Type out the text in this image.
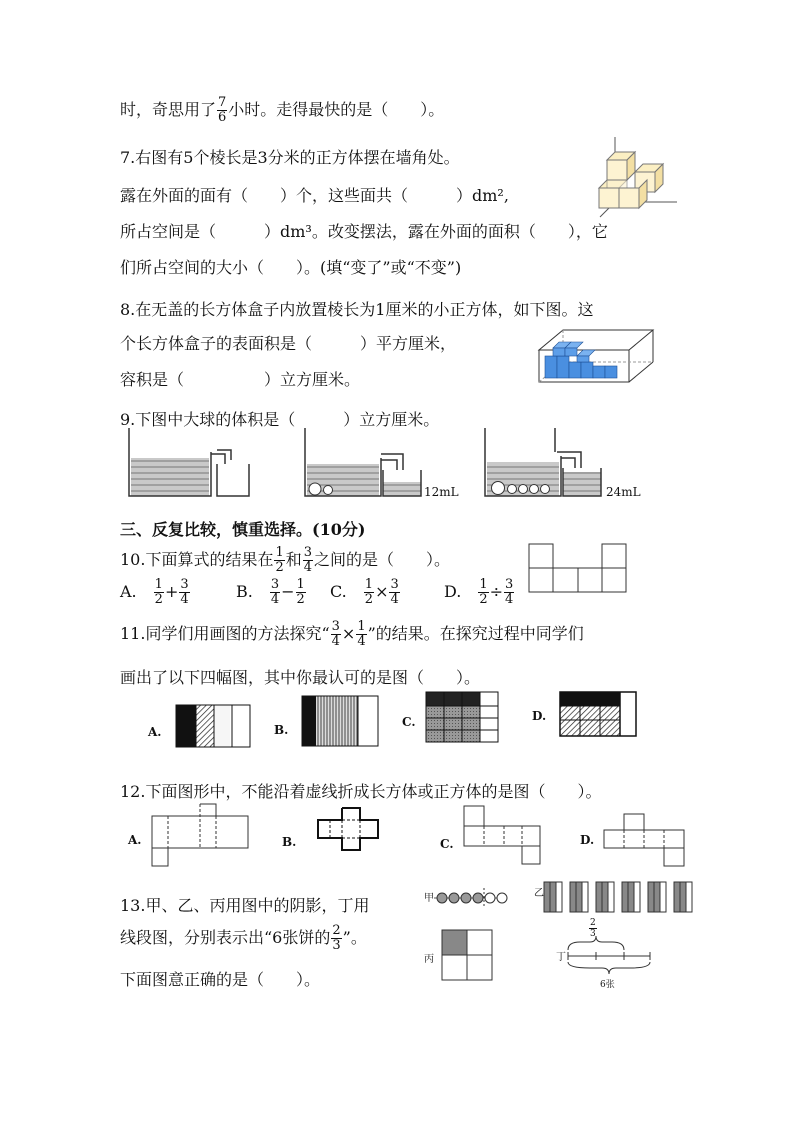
时，奇思用了 $\frac{7}{6}$ 小时。走得最快的是（　　）。
7.右图有5个棱长是3分米的正方体摆在墙角处。
露在外面的面有（　　）个，这些面共（　　　）dm²,
所占空间是（　　　）dm³。改变摆法，露在外面的面积（　　），它
们所占空间的大小（　　）。(填“变了”或“不变”)
8.在无盖的长方体盒子内放置棱长为1厘米的小正方体，如下图。这
个长方体盒子的表面积是（　　　）平方厘米，
容积是（　　　　　）立方厘米。
9.下图中大球的体积是（　　　）立方厘米。
12mL	24mL
三、反复比较，慎重选择。(10分)
10.下面算式的结果在 $\frac{1}{2}$ 和 $\frac{3}{4}$ 之间的是（　　）。
A.　 $\frac{1}{2} + \frac{3}{4}$	B.　 $\frac{3}{4} - \frac{1}{2} C$.　 $\frac{1}{2} \times \frac{3}{4}$	D.　 $\frac{1}{2} \div \frac{3}{4}$
11.同学们用画图的方法探究“ $\frac{3}{4} \times \frac{1}{4}$ ”的结果。在探究过程中同学们
画出了以下四幅图，其中你最认可的是图（　　）。
A.	B.
C.	D.
12.下面图形中，不能沿着虚线折成长方体或正方体的是图（　　）。
A.	B.	C.	D.
13.甲、乙、丙用图中的阴影，丁用
线段图，分别表示出“6张饼的 $\frac{2}{3}$ ”。
下面图意正确的是（　　）。
甲	乙
丙	丁
$\frac{2}{3}$
6张
